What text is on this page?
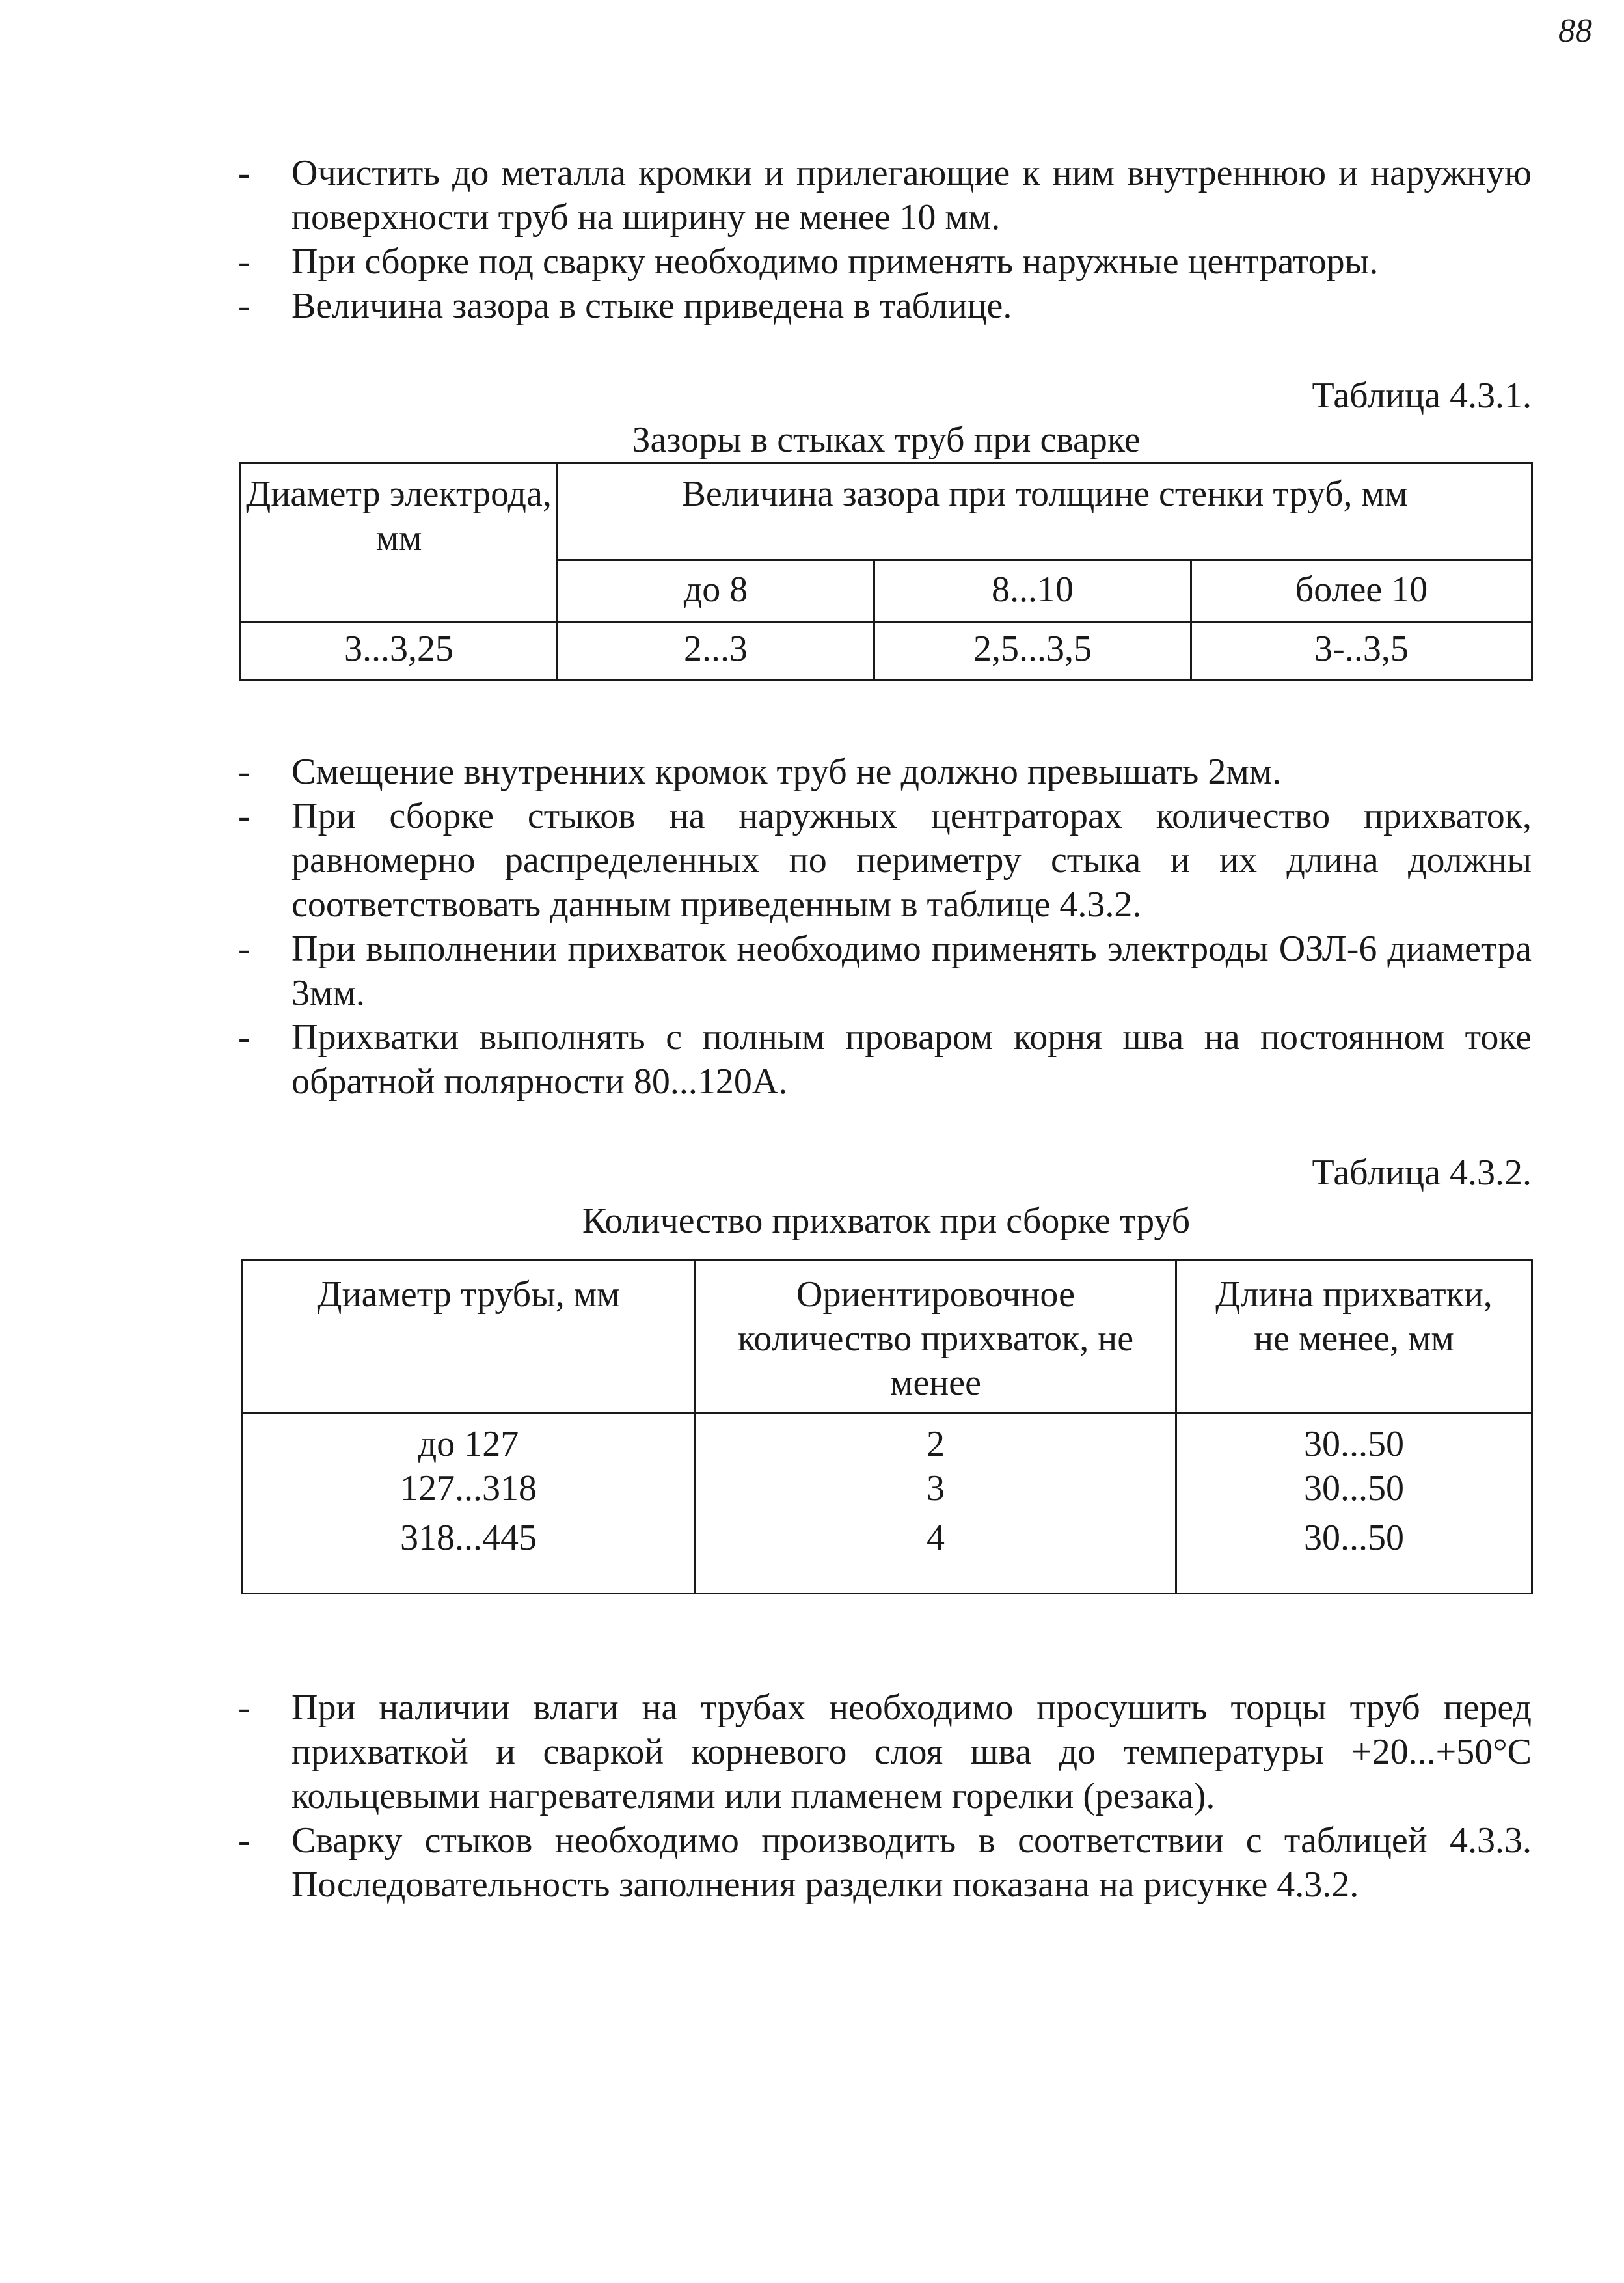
88
-	Очистить до металла кромки и прилегающие к ним внутреннюю и наружную поверхности труб на ширину не менее 10 мм.
-	При сборке под сварку необходимо применять наружные центраторы.
-	Величина зазора в стыке приведена в таблице.
Таблица 4.3.1.
Зазоры в стыках труб при сварке
Диаметр электрода, мм	Величина зазора при толщине стенки труб, мм		
	до 8	8...10	более 10
3...3,25	2...3	2,5...3,5	3-..3,5
-	Смещение внутренних кромок труб не должно превышать 2мм.
-	При сборке стыков на наружных центраторах количество прихваток, равномерно распределенных по периметру стыка и их длина должны соответствовать данным приведенным в таблице 4.3.2.
-	При выполнении прихваток необходимо применять электроды ОЗЛ-6 диаметра 3мм.
-	Прихватки выполнять с полным проваром корня шва на постоянном токе обратной полярности 80...120А.
Таблица 4.3.2.
Количество прихваток при сборке труб
Диаметр трубы, мм	Ориентировочное количество прихваток, не менее	Длина прихватки, не менее, мм
до 127	2	30...50
127...318	3	30...50
318...445	4	30...50
-	При наличии влаги на трубах необходимо просушить торцы труб перед прихваткой и сваркой корневого слоя шва до температуры +20...+50°С кольцевыми нагревателями или пламенем горелки (резака).
-	Сварку стыков необходимо производить в соответствии с таблицей 4.3.3. Последовательность заполнения разделки показана на рисунке 4.3.2.
